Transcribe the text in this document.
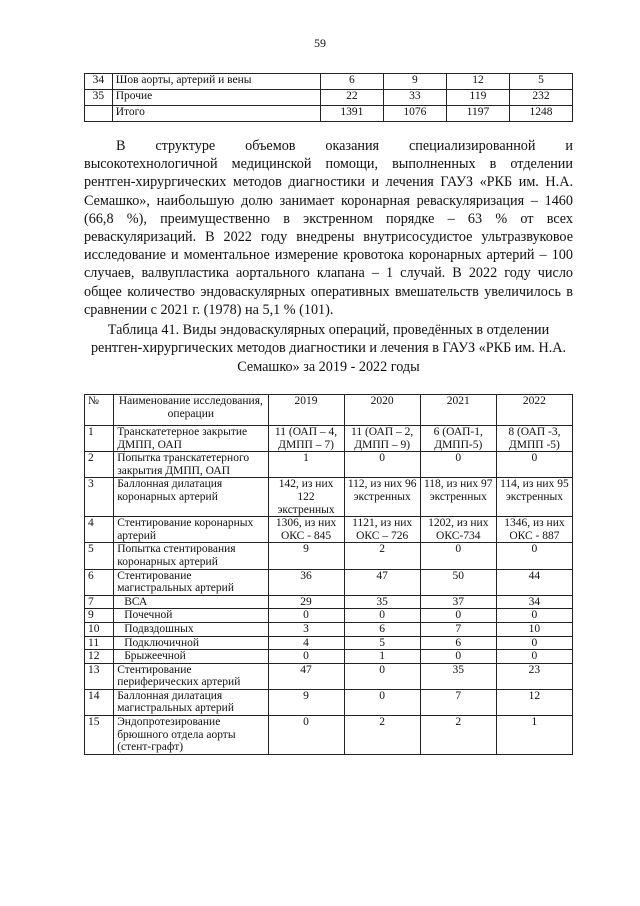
59
34	Шов аорты, артерий и вены	6	9	12	5
35	Прочие	22	33	119	232
	Итого	1391	1076	1197	1248

В структуре объемов оказания специализированной и высокотехнологичной медицинской помощи, выполненных в отделении рентген-хирургических методов диагностики и лечения ГАУЗ «РКБ им. Н.А. Семашко», наибольшую долю занимает коронарная реваскуляризация – 1460 (66,8 %), преимущественно в экстренном порядке – 63 % от всех реваскуляризаций. В 2022 году внедрены внутрисосудистое ультразвуковое исследование и моментальное измерение кровотока коронарных артерий – 100 случаев, валвупластика аортального клапана – 1 случай. В 2022 году число общее количество эндоваскулярных оперативных вмешательств увеличилось в сравнении с 2021 г. (1978) на 5,1 % (101).

Таблица 41. Виды эндоваскулярных операций, проведённых в отделении рентген-хирургических методов диагностики и лечения в ГАУЗ «РКБ им. Н.А. Семашко» за 2019 - 2022 годы
№	Наименование исследования, операции	2019	2020	2021	2022
1	Транскатетерное закрытие ДМПП, ОАП	11 (ОАП – 4, ДМПП – 7)	11 (ОАП – 2, ДМПП – 9)	6 (ОАП-1, ДМПП-5)	8 (ОАП -3, ДМПП -5)
2	Попытка транскатетерного закрытия ДМПП, ОАП	1	0	0	0
3	Баллонная дилатация коронарных артерий	142, из них 122 экстренных	112, из них 96 экстренных	118, из них 97 экстренных	114, из них 95 экстренных
4	Стентирование коронарных артерий	1306, из них ОКС - 845	1121, из них ОКС – 726	1202, из них ОКС-734	1346, из них ОКС - 887
5	Попытка стентирования коронарных артерий	9	2	0	0
6	Стентирование магистральных артерий	36	47	50	44
7	ВСА	29	35	37	34
9	Почечной	0	0	0	0
10	Подвздошных	3	6	7	10
11	Подключичной	4	5	6	0
12	Брыжеечной	0	1	0	0
13	Стентирование периферических артерий	47	0	35	23
14	Баллонная дилатация магистральных артерий	9	0	7	12
15	Эндопротезирование брюшного отдела аорты (стент-графт)	0	2	2	1
